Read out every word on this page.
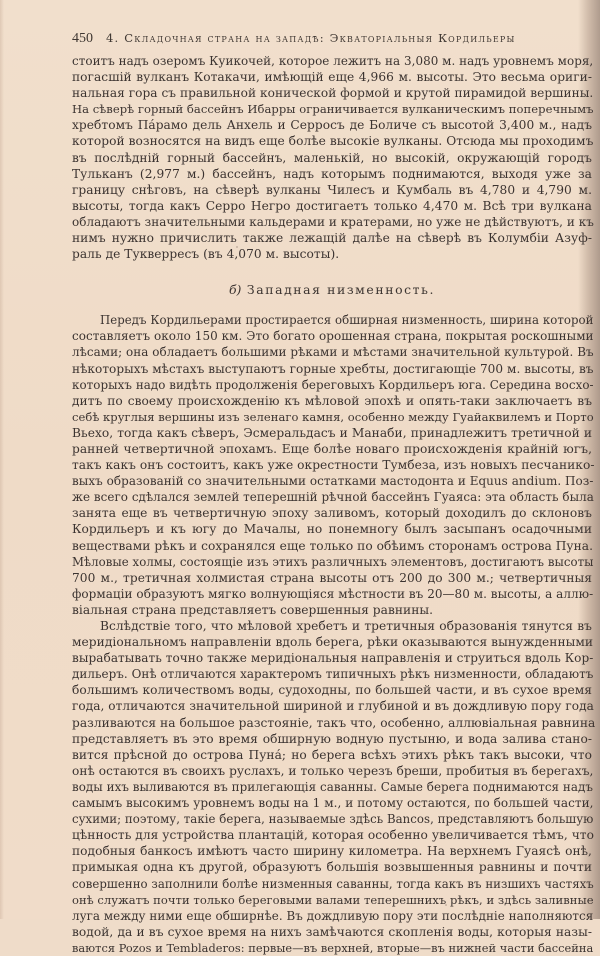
450 4. Складочная страна на западѣ: Экваторіальныя Кордильеры
стоитъ надъ озеромъ Куикочей, которое лежитъ на 3,080 м. надъ уровнемъ моря,
погасшій вулканъ Котакачи, имѣющій еще 4,966 м. высоты. Это весьма ориги-
нальная гора съ правильной конической формой и крутой пирамидой вершины.
На сѣверѣ горный бассейнъ Ибарры ограничивается вулканическимъ поперечнымъ
хребтомъ Пáрамо дель Анхель и Серросъ де Боличе съ высотой 3,400 м., надъ
которой возносятся на видъ еще болѣе высокіе вулканы. Отсюда мы проходимъ
въ послѣдній горный бассейнъ, маленькій, но высокій, окружающій городъ
Тульканъ (2,977 м.) бассейнъ, надъ которымъ поднимаются, выходя уже за
границу снѣговъ, на сѣверѣ вулканы Чилесъ и Кумбаль въ 4,780 и 4,790 м.
высоты, тогда какъ Серро Негро достигаетъ только 4,470 м. Всѣ три вулкана
обладаютъ значительными кальдерами и кратерами, но уже не дѣйствуютъ, и къ
нимъ нужно причислить также лежащій далѣе на сѣверѣ въ Колумбіи Азуф-
раль де Тукверресъ (въ 4,070 м. высоты).
б) Западная низменность.
Передъ Кордильерами простирается обширная низменность, ширина которой
составляетъ около 150 км. Это богато орошенная страна, покрытая роскошными
лѣсами; она обладаетъ большими рѣками и мѣстами значительной культурой. Въ
нѣкоторыхъ мѣстахъ выступаютъ горные хребты, достигающіе 700 м. высоты, въ
которыхъ надо видѣть продолженія береговыхъ Кордильеръ юга. Середина восхо-
дитъ по своему происхожденію къ мѣловой эпохѣ и опять-таки заключаетъ въ
себѣ круглыя вершины изъ зеленаго камня, особенно между Гуайаквилемъ и Порто
Вьехо, тогда какъ сѣверъ, Эсмеральдасъ и Манаби, принадлежитъ третичной и
ранней четвертичной эпохамъ. Еще болѣе новаго происхожденія крайній югъ,
такъ какъ онъ состоитъ, какъ уже окрестности Тумбеза, изъ новыхъ песчанико-
выхъ образованій со значительными остатками мастодонта и Equus andium. Поз-
же всего сдѣлался землей теперешній рѣчной бассейнъ Гуаяса: эта область была
занята еще въ четвертичную эпоху заливомъ, который доходилъ до склоновъ
Кордильеръ и къ югу до Мачалы, но понемногу былъ засыпанъ осадочными
веществами рѣкъ и сохранялся еще только по обѣимъ сторонамъ острова Пуна.
Мѣловые холмы, состоящіе изъ этихъ различныхъ элементовъ, достигаютъ высоты
700 м., третичная холмистая страна высоты отъ 200 до 300 м.; четвертичныя
формаціи образуютъ мягко волнующіяся мѣстности въ 20—80 м. высоты, а аллю-
віальная страна представляетъ совершенныя равнины.
Вслѣдствіе того, что мѣловой хребетъ и третичныя образованія тянутся въ
меридіональномъ направленіи вдоль берега, рѣки оказываются вынужденными
вырабатывать точно также меридіональныя направленія и струиться вдоль Кор-
дильеръ. Онѣ отличаются характеромъ типичныхъ рѣкъ низменности, обладаютъ
большимъ количествомъ воды, судоходны, по большей части, и въ сухое время
года, отличаются значительной шириной и глубиной и въ дождливую пору года
разливаются на большое разстояніе, такъ что, особенно, аллювіальная равнина
представляетъ въ это время обширную водную пустыню, и вода залива стано-
вится прѣсной до острова Пунá; но берега всѣхъ этихъ рѣкъ такъ высоки, что
онѣ остаются въ своихъ руслахъ, и только черезъ бреши, пробитыя въ берегахъ,
воды ихъ выливаются въ прилегающія саванны. Самые берега поднимаются надъ
самымъ высокимъ уровнемъ воды на 1 м., и потому остаются, по большей части,
сухими; поэтому, такіе берега, называемые здѣсь Bancos, представляютъ большую
цѣнность для устройства плантацій, которая особенно увеличивается тѣмъ, что
подобныя банкосъ имѣютъ часто ширину километра. На верхнемъ Гуаясѣ онѣ,
примыкая одна къ другой, образуютъ большія возвышенныя равнины и почти
совершенно заполнили болѣе низменныя саванны, тогда какъ въ низшихъ частяхъ
онѣ служатъ почти только береговыми валами теперешнихъ рѣкъ, и здѣсь заливные
луга между ними еще обширнѣе. Въ дождливую пору эти послѣдніе наполняются
водой, да и въ сухое время на нихъ замѣчаются скопленія воды, которыя назы-
ваются Pozos и Tembladeros: первые—въ верхней, вторые—въ нижней части бассейна
